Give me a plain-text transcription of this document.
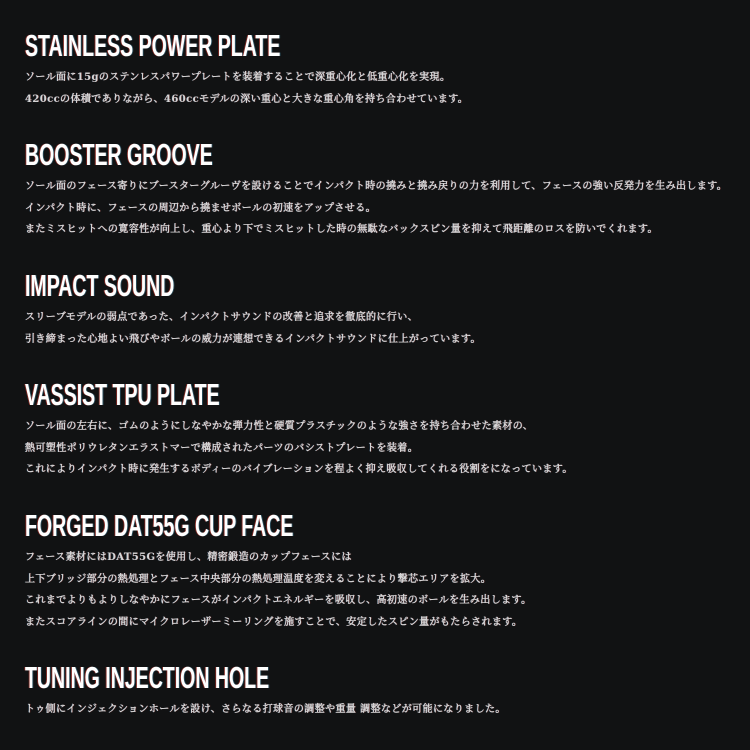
STAINLESS POWER PLATE
ソール面に15gのステンレスパワープレートを装着することで深重心化と低重心化を実現。
420ccの体積でありながら、460ccモデルの深い重心と大きな重心角を持ち合わせています。
BOOSTER GROOVE
ソール面のフェース寄りにブースターグルーヴを設けることでインパクト時の撓みと撓み戻りの力を利用して、フェースの強い反発力を生み出します。
インパクト時に、フェースの周辺から撓ませボールの初速をアップさせる。
またミスヒットへの寛容性が向上し、重心より下でミスヒットした時の無駄なバックスピン量を抑えて飛距離のロスを防いでくれます。
IMPACT SOUND
スリーブモデルの弱点であった、インパクトサウンドの改善と追求を徹底的に行い、
引き締まった心地よい飛びやボールの威力が連想できるインパクトサウンドに仕上がっています。
VASSIST TPU PLATE
ソール面の左右に、ゴムのようにしなやかな弾力性と硬質プラスチックのような強さを持ち合わせた素材の、
熱可塑性ポリウレタンエラストマーで構成されたパーツのバシストプレートを装着。
これによりインパクト時に発生するボディーのバイブレーションを程よく抑え吸収してくれる役割をになっています。
FORGED DAT55G CUP FACE
フェース素材にはDAT55Gを使用し、精密鍛造のカップフェースには
上下ブリッジ部分の熱処理とフェース中央部分の熱処理温度を変えることにより撃芯エリアを拡大。
これまでよりもよりしなやかにフェースがインパクトエネルギーを吸収し、高初速のボールを生み出します。
またスコアラインの間にマイクロレーザーミーリングを施すことで、安定したスピン量がもたらされます。
TUNING INJECTION HOLE
トゥ側にインジェクションホールを設け、さらなる打球音の調整や重量 調整などが可能になりました。
